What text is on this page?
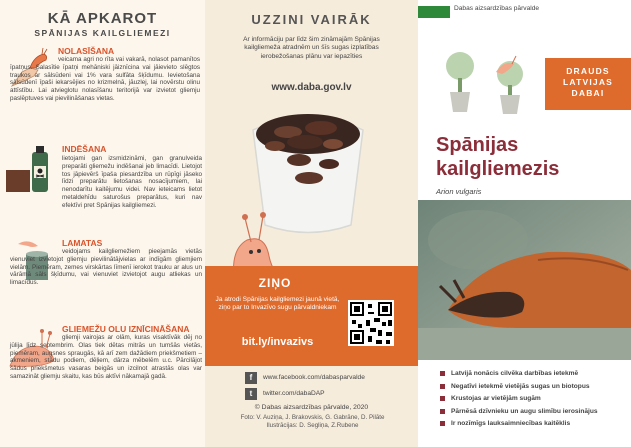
KĀ APKAROT
SPĀNIJAS KAILGLIEMEZI
NOLASĪŠANA

veicama agri no rīta vai vakarā, nolasot pamanītos īpatņus. Salasītie īpatņi mehāniski jāiznīcina vai jāievieto slēgtos traukos ar sālsūdeni vai 1% vara sulfāta šķīdumu. Ievietošana sālsūdenī īpaši iekarsējies no krizmelnā, jāuzlej, lai novērstu olinu attīstību. Lai atvieglotu nolasīšanu teritorijā var izvietot gliemju paslēptuves vai pievilināšanas vietas.

INDĒŠANA

lietojami gan izsmidzināmi, gan granulveida preparāti gliemežu indēšanai jeb limacīdi. Lietojot tos jāpievērš īpaša piesardzība un rūpīgi jāseko līdzi preparātu lietošanas nosacījumiem, lai nenodarītu kaitējumu videi. Nav ieteicams lietot metaldehīdu saturošus preparātus, kuri nav efektīvi pret Spānijas kailgliemezi.

LAMATAS

veidojams kailgliemežiem pieejamās vietās vienuviet izvietojot gliemju pievilinātājvielas ar indīgām gliemjiem vielām. Piemēram, zemes virskārtas līmenī ierokot trauku ar alus un vārāmā sāls šķīdumu, vai vienuviet izvietojot augu atliekas un limacīdus.

GLIEMEŽU OLU IZNĪCINĀŠANA

gliemji vairojas ar olām, kuras visaktīvāk dēj no jūlija līdz septembrim. Olas tiek dētas mitrās un tumšās vietās, piemēram, augsnes spraugās, kā arī zem dažādiem priekšmetiem – akmeniem, stādu podiem, dēļiem, dārza mēbelēm u.c. Pārcilājot šādus priekšmetus vasaras beigās un izcilnot atrastās olas var samazināt gliemju skaitu, kas būs aktīvi nākamajā gadā.

UZZINI VAIRĀK
Ar informāciju par līdz šim zināmajām Spānijas kailgliemeža atradnēm un šīs sugas izplatības ierobežošanas plānu var iepazīties
www.daba.gov.lv
ZIŅO
Ja atrodi Spānijas kailgliemezi jaunā vietā, ziņo par to Invazīvo sugu pārvaldniekam
bit.ly/invazivs
f	www.facebook.com/dabasparvalde
t	twitter.com/dabaDAP
© Dabas aizsardzības pārvalde, 2020
Foto: V. Auziņa, J. Brakovskis, G. Gabrāne, D. Pilāte Ilustrācijas: D. Segliņa, Z.Rubene
Dabas aizsardzības pārvalde
DRAUDS
LATVIJAS
DABAI
Spānijas
kailgliemezis
Arion vulgaris
Latvijā nonācis cilvēka darbības ietekmē
Negatīvi ietekmē vietējās sugas un biotopus
Krustojas ar vietējām sugām
Pārnēsā dzīvnieku un augu slimību ierosinājus
Ir nozīmīgs lauksaimniecības kaitēklis
